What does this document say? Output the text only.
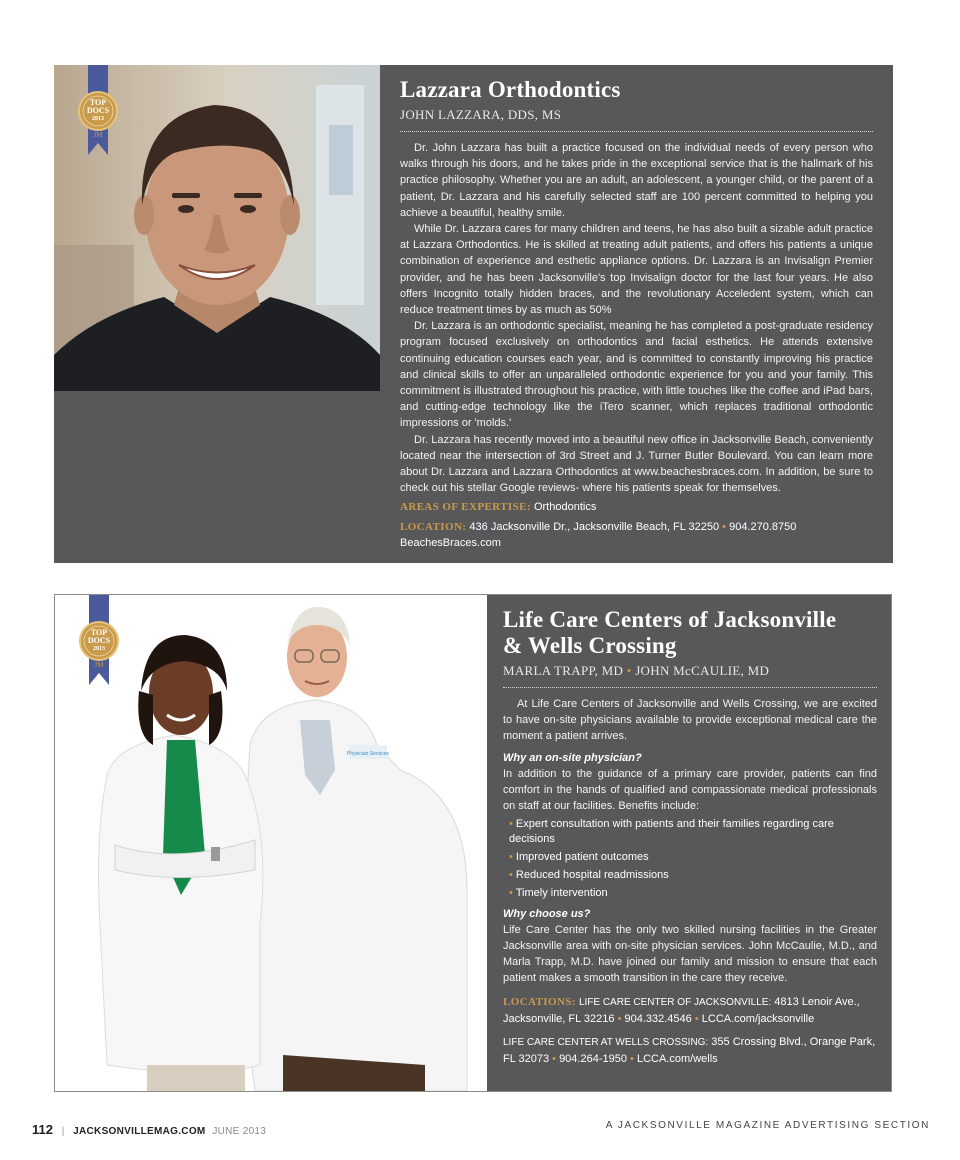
TOP
DOCS
2013
JM
Lazzara Orthodontics
JOHN LAZZARA, DDS, MS

Dr. John Lazzara has built a practice focused on the individual needs of every person who walks through his doors, and he takes pride in the exceptional service that is the hallmark of his practice philosophy. Whether you are an adult, an adolescent, a younger child, or the parent of a patient, Dr. Lazzara and his carefully selected staff are 100 percent committed to helping you achieve a beautiful, healthy smile.

While Dr. Lazzara cares for many children and teens, he has also built a sizable adult practice at Lazzara Orthodontics. He is skilled at treating adult patients, and offers his patients a unique combination of experience and esthetic appliance options. Dr. Lazzara is an Invisalign Premier provider, and he has been Jacksonville's top Invisalign doctor for the last four years. He also offers Incognito totally hidden braces, and the revolutionary Acceledent system, which can reduce treatment times by as much as 50%

Dr. Lazzara is an orthodontic specialist, meaning he has completed a post-graduate residency program focused exclusively on orthodontics and facial esthetics. He attends extensive continuing education courses each year, and is committed to constantly improving his practice and clinical skills to offer an unparalleled orthodontic experience for you and your family. This commitment is illustrated throughout his practice, with little touches like the coffee and iPad bars, and cutting-edge technology like the iTero scanner, which replaces traditional orthodontic impressions or 'molds.'

Dr. Lazzara has recently moved into a beautiful new office in Jacksonville Beach, conveniently located near the intersection of 3rd Street and J. Turner Butler Boulevard. You can learn more about Dr. Lazzara and Lazzara Orthodontics at www.beachesbraces.com. In addition, be sure to check out his stellar Google reviews- where his patients speak for themselves.

AREAS OF EXPERTISE: Orthodontics
LOCATION: 436 Jacksonville Dr., Jacksonville Beach, FL 32250 • 904.270.8750
BeachesBraces.com
Physician Services
TOP
DOCS
2013
JM
Life Care Centers of Jacksonville
& Wells Crossing
MARLA TRAPP, MD • JOHN McCAULIE, MD

At Life Care Centers of Jacksonville and Wells Crossing, we are excited to have on-site physicians available to provide exceptional medical care the moment a patient arrives.

Why an on-site physician?

In addition to the guidance of a primary care provider, patients can find comfort in the hands of qualified and compassionate medical professionals on staff at our facilities. Benefits include:

• Expert consultation with patients and their families regarding care decisions
• Improved patient outcomes
• Reduced hospital readmissions
• Timely intervention
Why choose us?

Life Care Center has the only two skilled nursing facilities in the Greater Jacksonville area with on-site physician services. John McCaulie, M.D., and Marla Trapp, M.D. have joined our family and mission to ensure that each patient makes a smooth transition in the care they receive.

LOCATIONS: LIFE CARE CENTER OF JACKSONVILLE: 4813 Lenoir Ave., Jacksonville, FL 32216 • 904.332.4546 • LCCA.com/jacksonville
LIFE CARE CENTER AT WELLS CROSSING: 355 Crossing Blvd., Orange Park, FL 32073 • 904.264-1950 • LCCA.com/wells
112 | JACKSONVILLEMAG.COM JUNE 2013
A JACKSONVILLE MAGAZINE ADVERTISING SECTION
